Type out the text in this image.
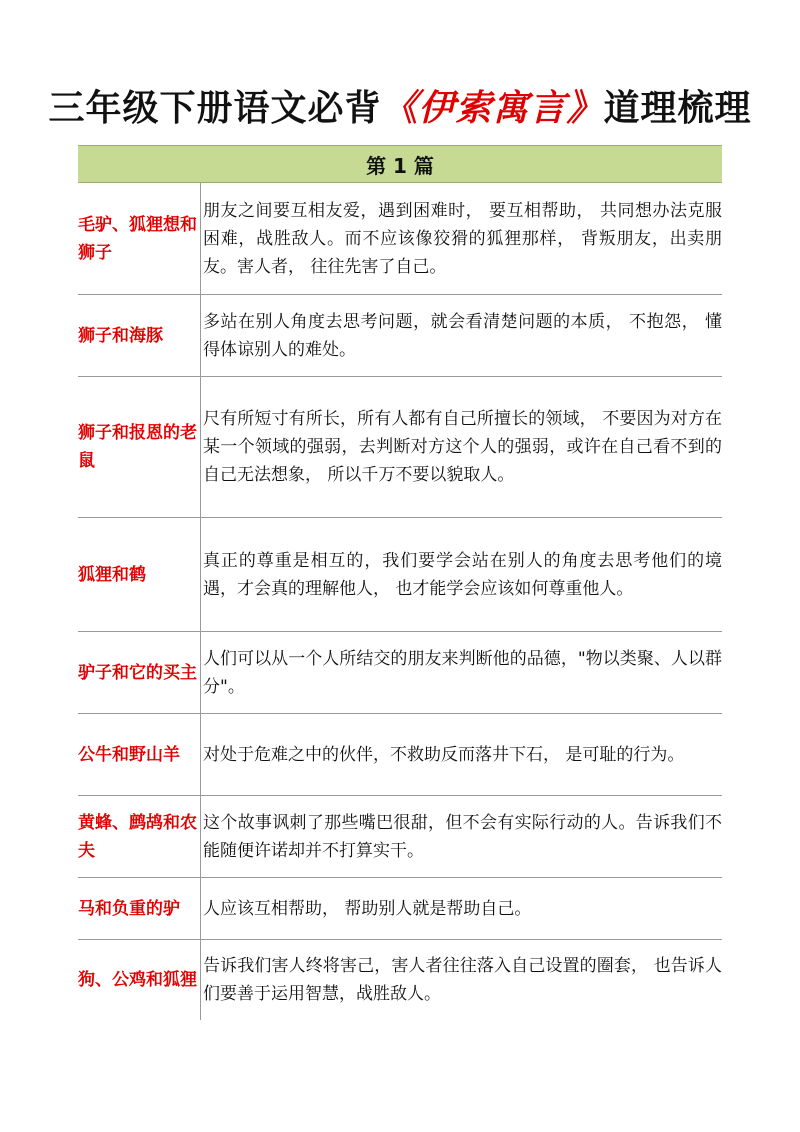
三年级下册语文必背《伊索寓言》道理梳理
第 1 篇
毛驴、狐狸想和狮子
朋友之间要互相友爱，遇到困难时， 要互相帮助， 共同想办法克服困难，战胜敌人。而不应该像狡猾的狐狸那样， 背叛朋友，出卖朋友。害人者， 往往先害了自己。
狮子和海豚
多站在别人角度去思考问题，就会看清楚问题的本质， 不抱怨， 懂得体谅别人的难处。
狮子和报恩的老鼠
尺有所短寸有所长，所有人都有自己所擅长的领域， 不要因为对方在某一个领域的强弱，去判断对方这个人的强弱，或许在自己看不到的自己无法想象， 所以千万不要以貌取人。
狐狸和鹤
真正的尊重是相互的，我们要学会站在别人的角度去思考他们的境遇，才会真的理解他人， 也才能学会应该如何尊重他人。
驴子和它的买主
人们可以从一个人所结交的朋友来判断他的品德，"物以类聚、人以群分"。
公牛和野山羊 对处于危难之中的伙伴，不救助反而落井下石， 是可耻的行为。
黄蜂、鹧鸪和农夫
这个故事讽刺了那些嘴巴很甜，但不会有实际行动的人。告诉我们不能随便许诺却并不打算实干。
马和负重的驴 人应该互相帮助， 帮助别人就是帮助自己。
狗、公鸡和狐狸
告诉我们害人终将害己，害人者往往落入自己设置的圈套， 也告诉人们要善于运用智慧，战胜敌人。
